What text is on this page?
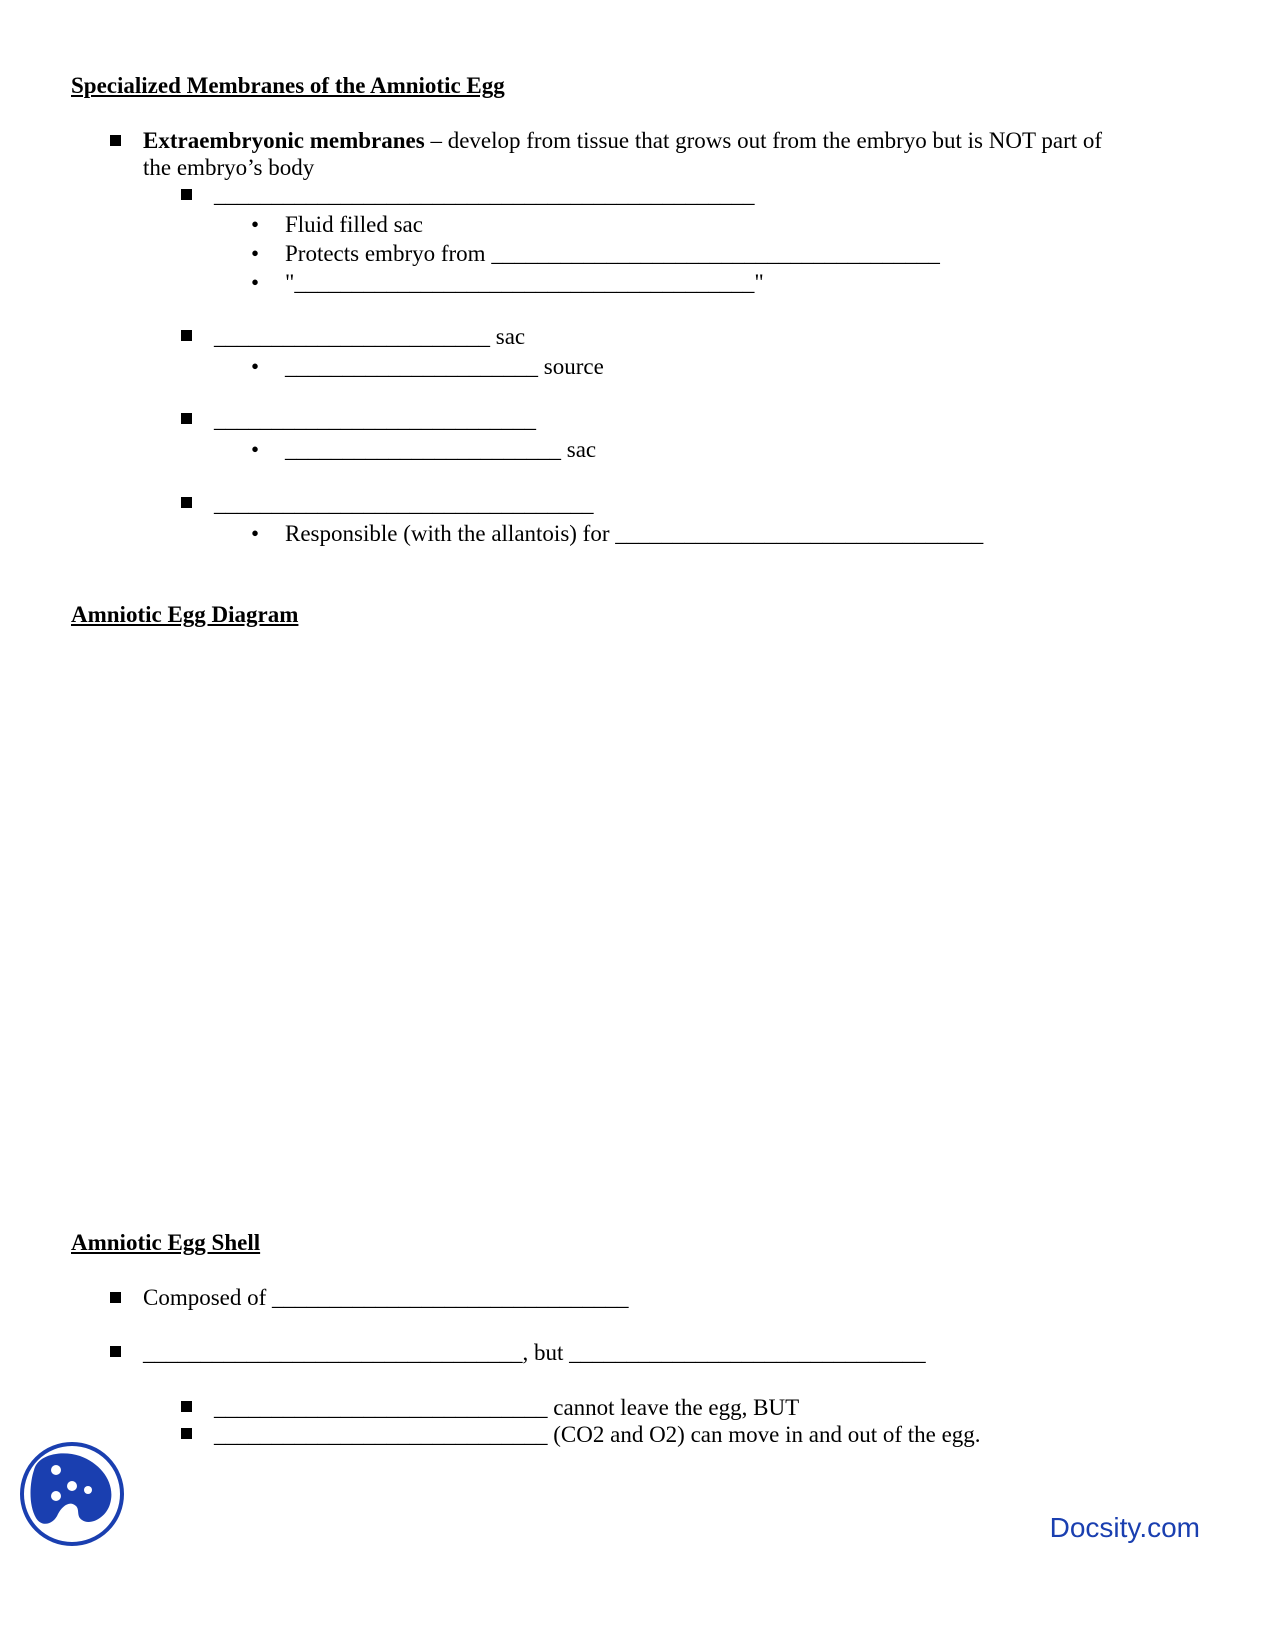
Specialized Membranes of the Amniotic Egg
Extraembryonic membranes – develop from tissue that grows out from the embryo but is NOT part of
the embryo’s body
_______________________________________________
• Fluid filled sac
• Protects embryo from _______________________________________
• "________________________________________"
________________________ sac
• ______________________ source
____________________________
• ________________________ sac
_________________________________
• Responsible (with the allantois) for ________________________________
Amniotic Egg Diagram
Amniotic Egg Shell
Composed of _______________________________
_________________________________, but _______________________________
_____________________________ cannot leave the egg, BUT
_____________________________ (CO2 and O2) can move in and out of the egg.
Docsity.com
